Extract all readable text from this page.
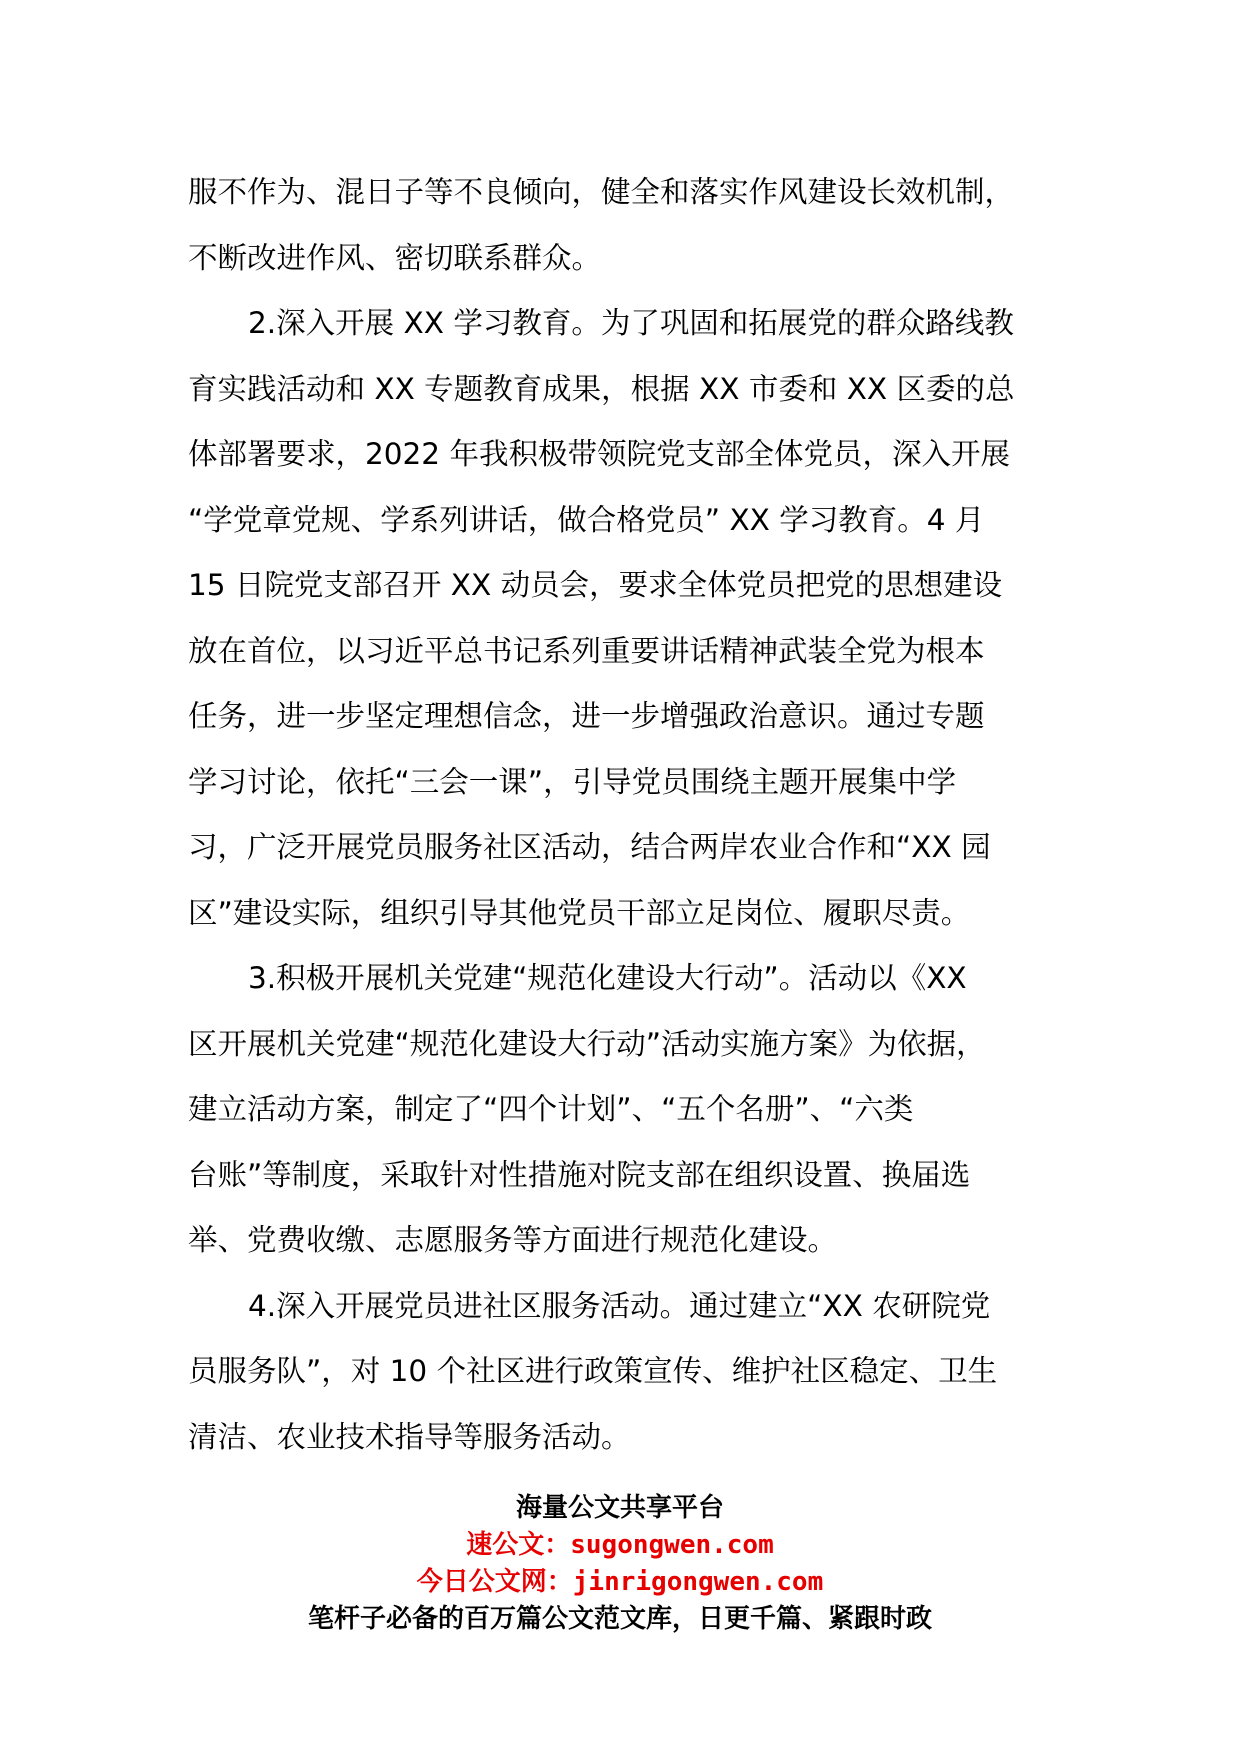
服不作为、混日子等不良倾向，健全和落实作风建设长效机制，
不断改进作风、密切联系群众。
2.深入开展 XX 学习教育。为了巩固和拓展党的群众路线教
育实践活动和 XX 专题教育成果，根据 XX 市委和 XX 区委的总
体部署要求，2022 年我积极带领院党支部全体党员，深入开展
“学党章党规、学系列讲话，做合格党员” XX 学习教育。4 月
15 日院党支部召开 XX 动员会，要求全体党员把党的思想建设
放在首位，以习近平总书记系列重要讲话精神武装全党为根本
任务，进一步坚定理想信念，进一步增强政治意识。通过专题
学习讨论，依托“三会一课”，引导党员围绕主题开展集中学
习，广泛开展党员服务社区活动，结合两岸农业合作和“XX 园
区”建设实际，组织引导其他党员干部立足岗位、履职尽责。
3.积极开展机关党建“规范化建设大行动”。活动以《XX
区开展机关党建“规范化建设大行动”活动实施方案》为依据，
建立活动方案，制定了“四个计划”、“五个名册”、“六类
台账”等制度，采取针对性措施对院支部在组织设置、换届选
举、党费收缴、志愿服务等方面进行规范化建设。
4.深入开展党员进社区服务活动。通过建立“XX 农研院党
员服务队”，对 10 个社区进行政策宣传、维护社区稳定、卫生
清洁、农业技术指导等服务活动。
海量公文共享平台
速公文：sugongwen.com
今日公文网：jinrigongwen.com
笔杆子必备的百万篇公文范文库，日更千篇、紧跟时政
